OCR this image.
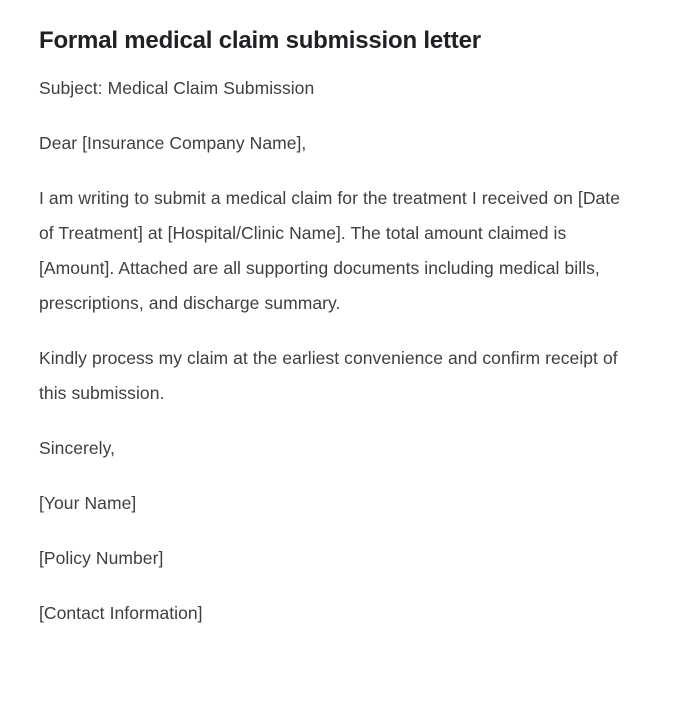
Formal medical claim submission letter

Subject: Medical Claim Submission

Dear [Insurance Company Name],

I am writing to submit a medical claim for the treatment I received on [Date of Treatment] at [Hospital/Clinic Name]. The total amount claimed is [Amount]. Attached are all supporting documents including medical bills, prescriptions, and discharge summary.

Kindly process my claim at the earliest convenience and confirm receipt of this submission.

Sincerely,

[Your Name]

[Policy Number]

[Contact Information]
